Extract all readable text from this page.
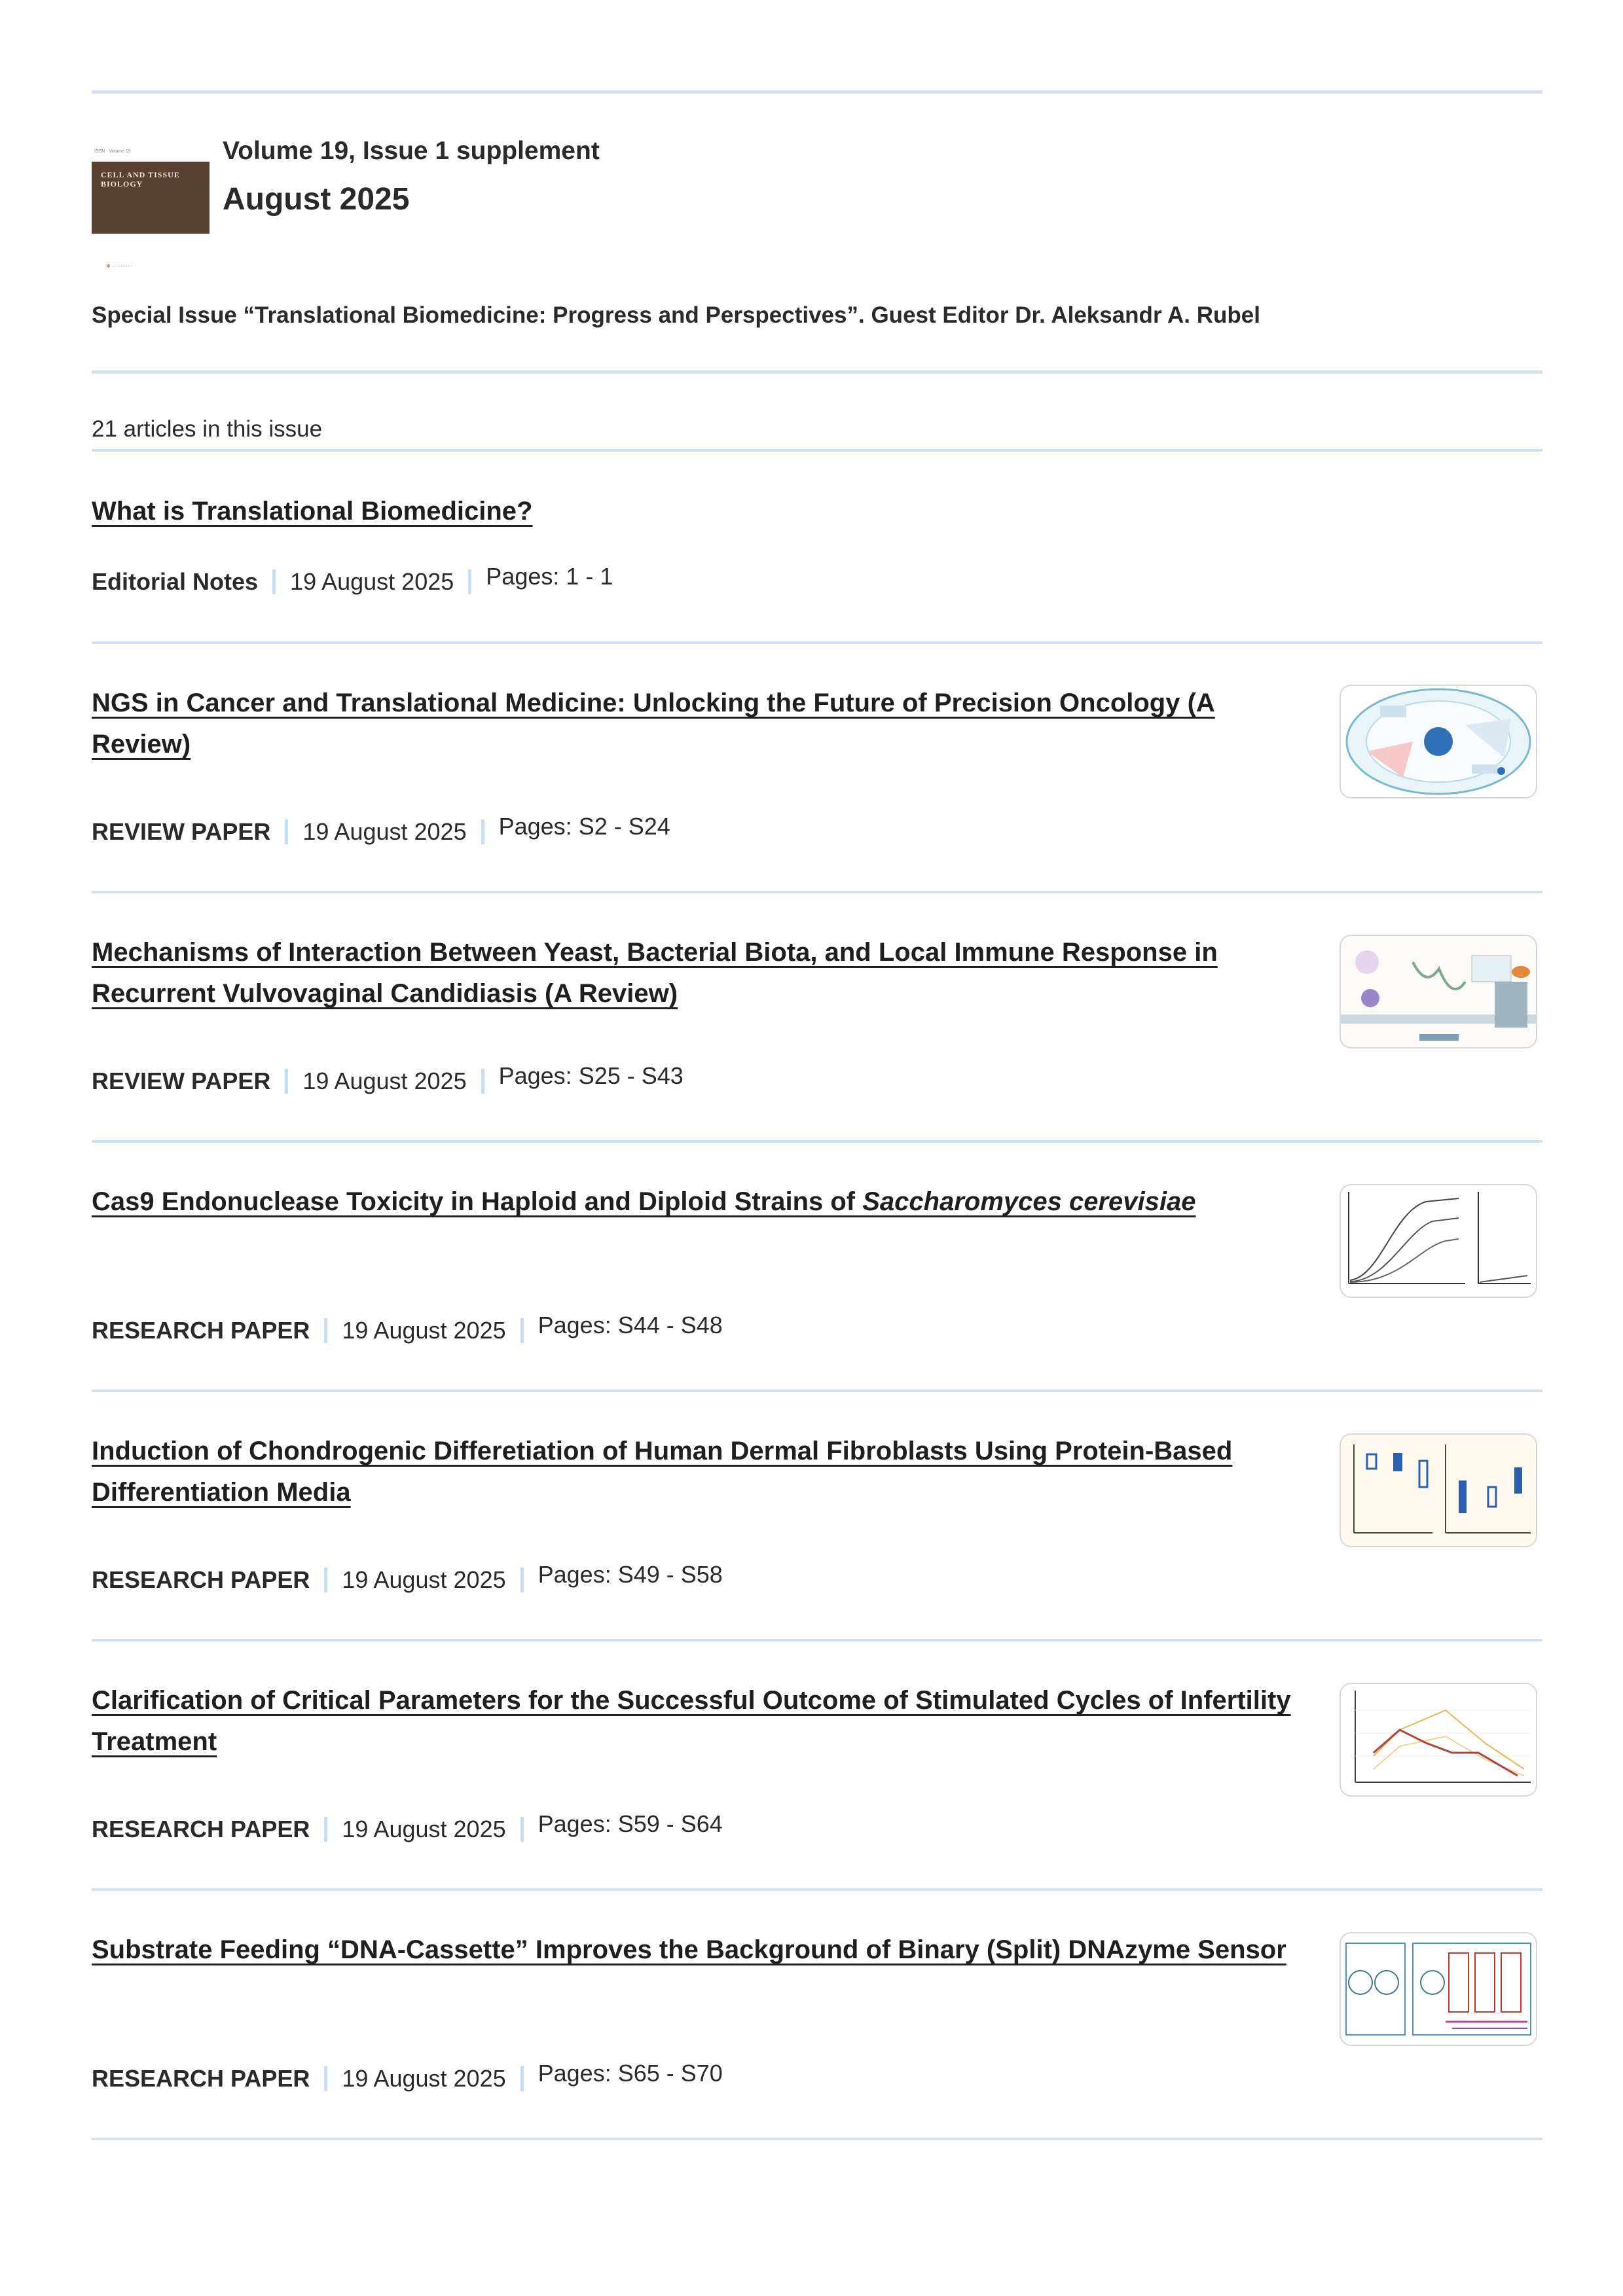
ISSN · Volume 19
CELL AND TISSUE BIOLOGY
✻ ·· ·········
Volume 19, Issue 1 supplement
August 2025
Special Issue “Translational Biomedicine: Progress and Perspectives”. Guest Editor Dr. Aleksandr A. Rubel
21 articles in this issue
What is Translational Biomedicine?
Editorial Notes 19 August 2025 Pages: 1 - 1
NGS in Cancer and Translational Medicine: Unlocking the Future of Precision Oncology (A Review)
REVIEW PAPER 19 August 2025 Pages: S2 - S24
Mechanisms of Interaction Between Yeast, Bacterial Biota, and Local Immune Response in Recurrent Vulvovaginal Candidiasis (A Review)
REVIEW PAPER 19 August 2025 Pages: S25 - S43
Cas9 Endonuclease Toxicity in Haploid and Diploid Strains of Saccharomyces cerevisiae
RESEARCH PAPER 19 August 2025 Pages: S44 - S48
Induction of Chondrogenic Differetiation of Human Dermal Fibroblasts Using Protein-Based Differentiation Media
RESEARCH PAPER 19 August 2025 Pages: S49 - S58
Clarification of Critical Parameters for the Successful Outcome of Stimulated Cycles of Infertility Treatment
RESEARCH PAPER 19 August 2025 Pages: S59 - S64
Substrate Feeding “DNA-Cassette” Improves the Background of Binary (Split) DNAzyme Sensor
RESEARCH PAPER 19 August 2025 Pages: S65 - S70
